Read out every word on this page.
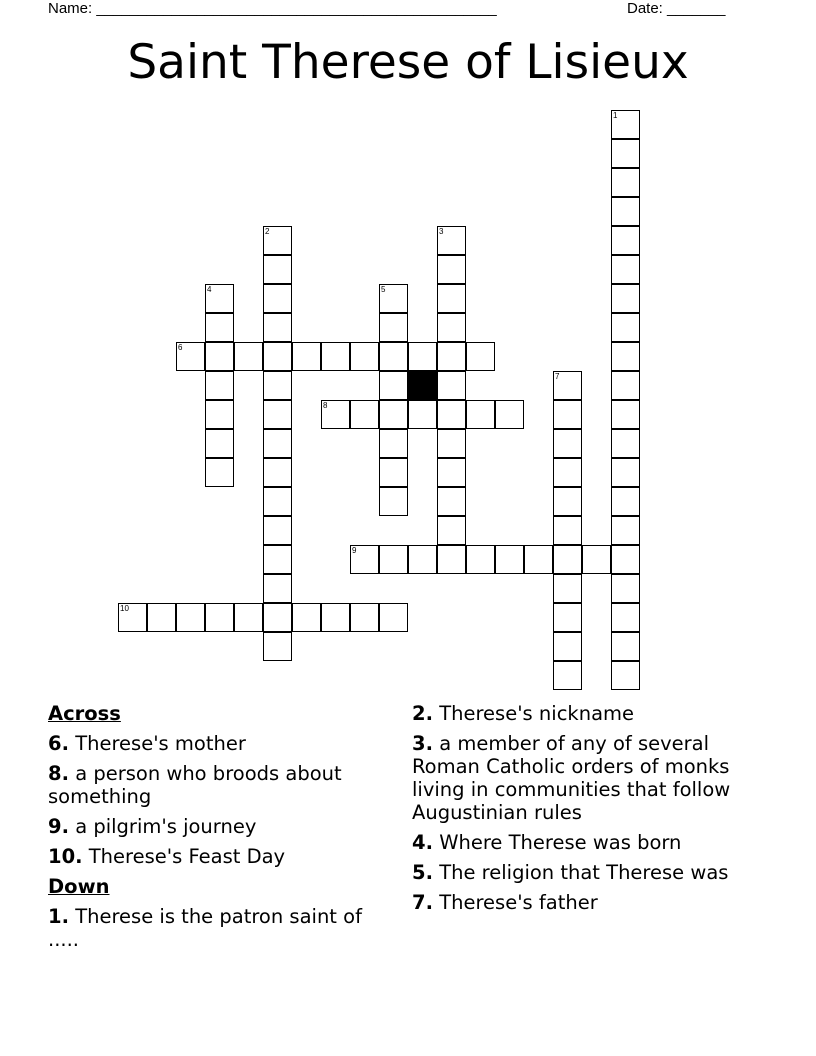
Name: ________________________________________________	Date: _______
Saint Therese of Lisieux
1
2	3
4	5
6
7
8
9
10
Across
6. Therese's mother
8. a person who broods about something
9. a pilgrim's journey
10. Therese's Feast Day
Down
1. Therese is the patron saint of .....
2. Therese's nickname
3. a member of any of several Roman Catholic orders of monks living in communities that follow Augustinian rules
4. Where Therese was born
5. The religion that Therese was
7. Therese's father
